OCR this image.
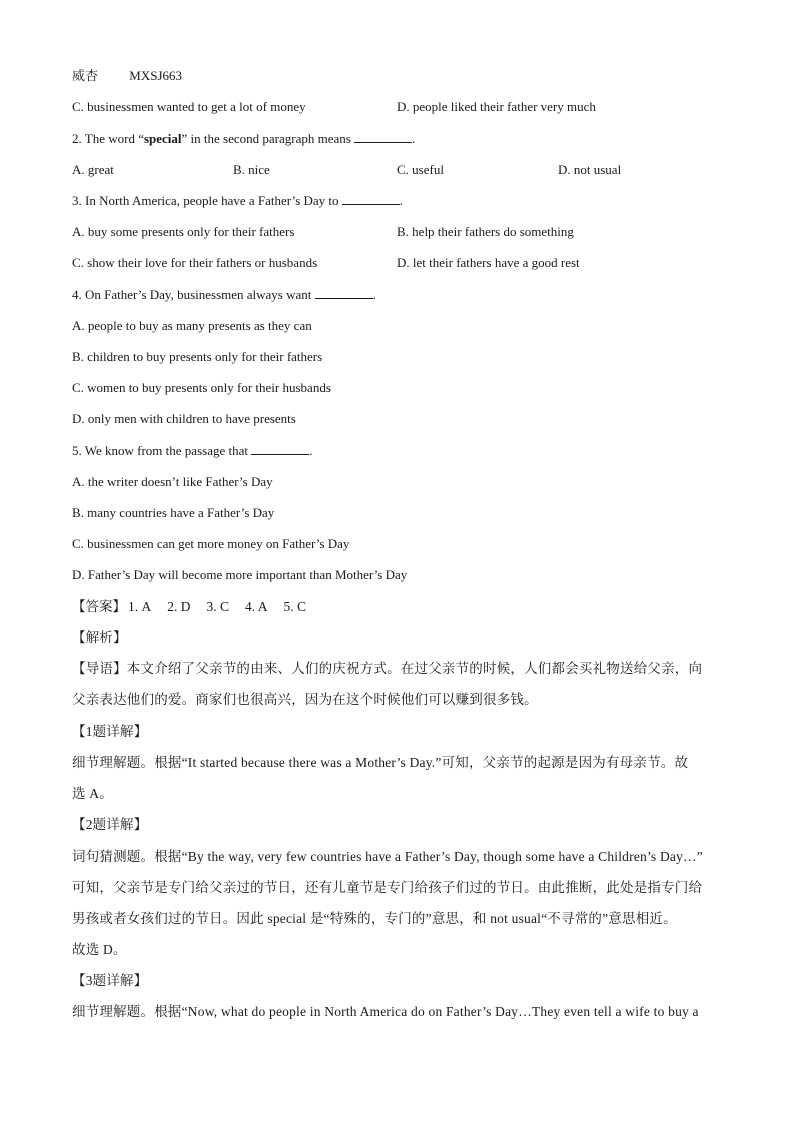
威杏 MXSJ663
C. businessmen wanted to get a lot of money	D. people liked their father very much
2. The word “special” in the second paragraph means	.
A. great	B. nice	C. useful	D. not usual
3. In North America, people have a Father’s Day to	.
A. buy some presents only for their fathers	B. help their fathers do something
C. show their love for their fathers or husbands	D. let their fathers have a good rest
4. On Father’s Day, businessmen always want	.
A. people to buy as many presents as they can
B. children to buy presents only for their fathers
C. women to buy presents only for their husbands
D. only men with children to have presents
5. We know from the passage that	.
A. the writer doesn’t like Father’s Day
B. many countries have a Father’s Day
C. businessmen can get more money on Father’s Day
D. Father’s Day will become more important than Mother’s Day
【答案】 1. A 2. D 3. C 4. A 5. C
【解析】
【导语】本文介绍了父亲节的由来、人们的庆祝方式。在过父亲节的时候，人们都会买礼物送给父亲，向
父亲表达他们的爱。商家们也很高兴，因为在这个时候他们可以赚到很多钱。
【1题详解】
细节理解题。根据“It started because there was a Mother’s Day.”可知，父亲节的起源是因为有母亲节。故
选 A。
【2题详解】
词句猜测题。根据“By the way, very few countries have a Father’s Day, though some have a Children’s Day…”
可知，父亲节是专门给父亲过的节日，还有儿童节是专门给孩子们过的节日。由此推断，此处是指专门给
男孩或者女孩们过的节日。因此 special 是“特殊的，专门的”意思，和 not usual“不寻常的”意思相近。
故选 D。
【3题详解】
细节理解题。根据“Now, what do people in North America do on Father’s Day…They even tell a wife to buy a
